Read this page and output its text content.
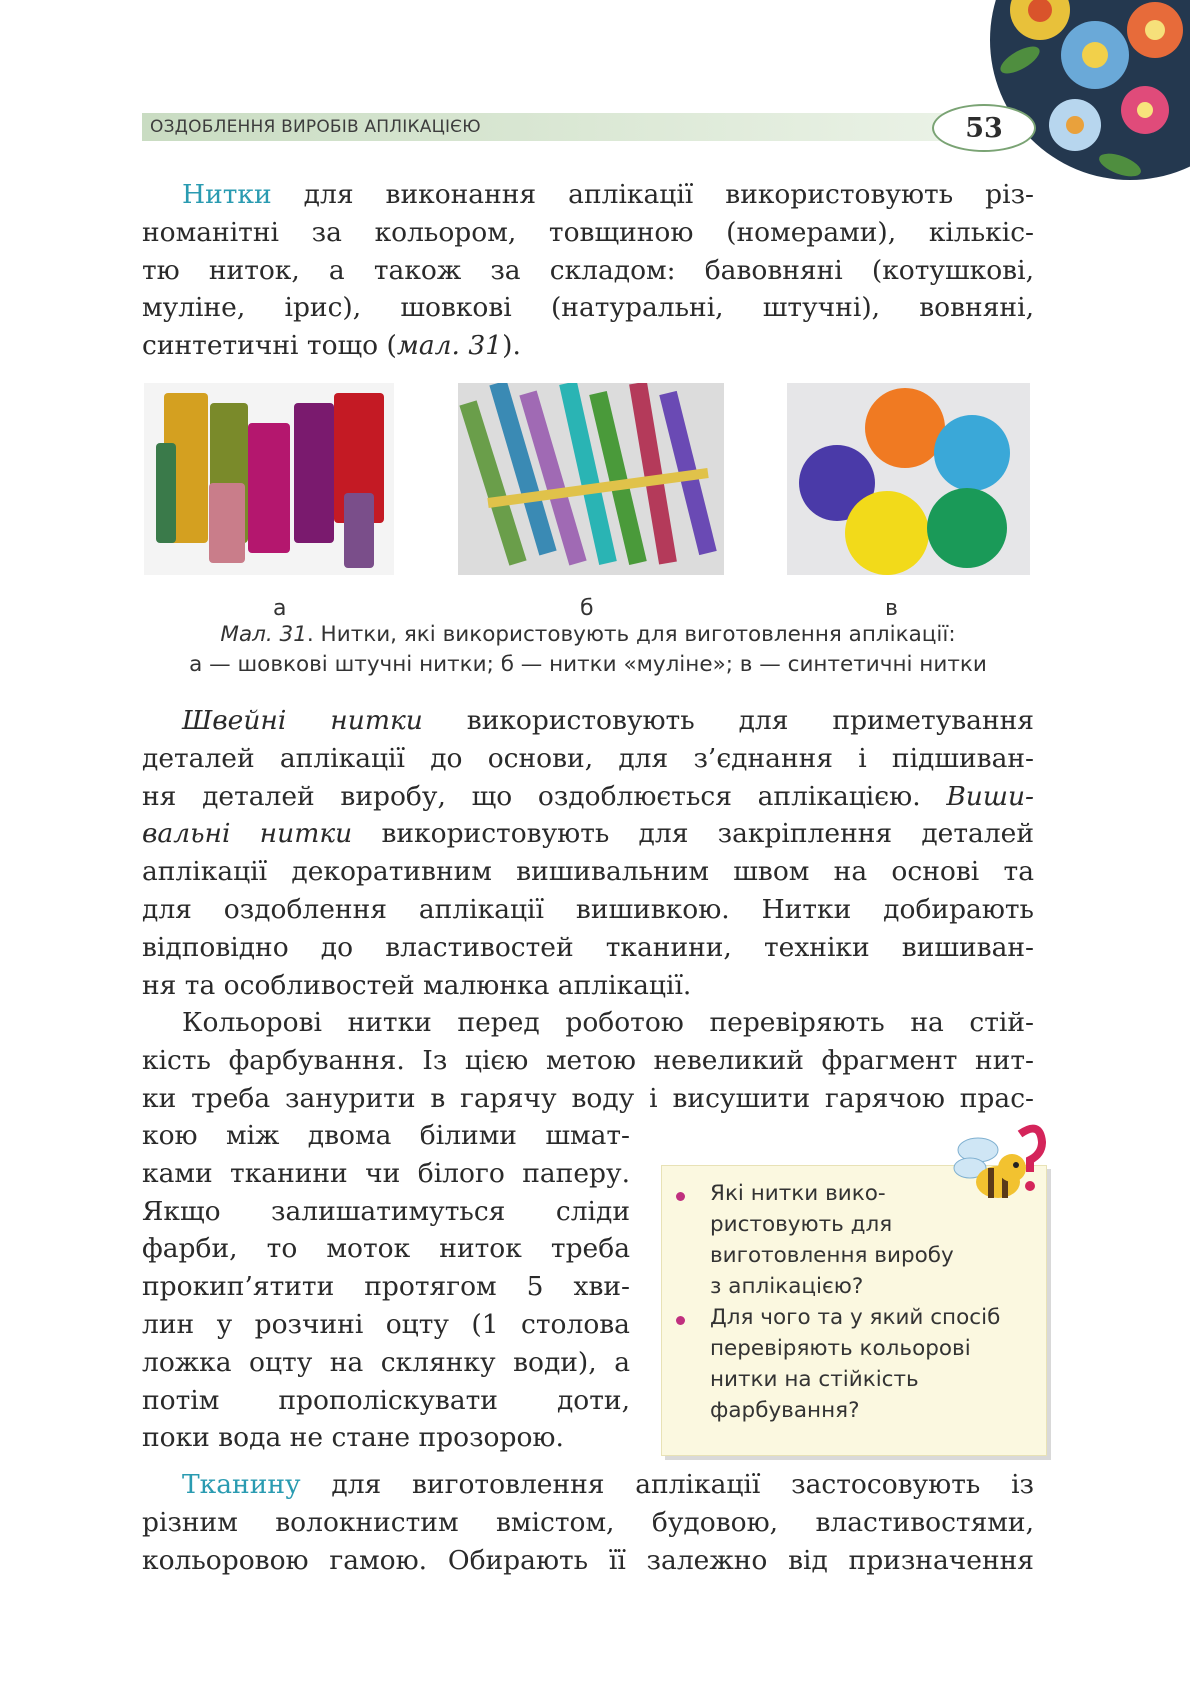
ОЗДОБЛЕННЯ ВИРОБІВ АПЛІКАЦІЄЮ	53
Нитки для виконання аплікації використовують різ-
номанітні за кольором, товщиною (номерами), кількіс-
тю ниток, а також за складом: бавовняні (котушкові,
муліне, ірис), шовкові (натуральні, штучні), вовняні,
синтетичні тощо (мал. 31).
а	б	в
Мал. 31. Нитки, які використовують для виготовлення аплікації:
а — шовкові штучні нитки; б — нитки «муліне»; в — синтетичні нитки
Швейні нитки використовують для приметування
деталей аплікації до основи, для з’єднання і підшиван-
ня деталей виробу, що оздоблюється аплікацією. Виши-
вальні нитки використовують для закріплення деталей
аплікації декоративним вишивальним швом на основі та
для оздоблення аплікації вишивкою. Нитки добирають
відповідно до властивостей тканини, техніки вишиван-
ня та особливостей малюнка аплікації.
Кольорові нитки перед роботою перевіряють на стій-
кість фарбування. Із цією метою невеликий фрагмент нит-
ки треба занурити в гарячу воду і висушити гарячою прас-
кою між двома білими шмат-
ками тканини чи білого паперу.
Якщо залишатимуться сліди
фарби, то моток ниток треба
прокип’ятити протягом 5 хви-
лин у розчині оцту (1 столова
ложка оцту на склянку води), а
потім прополіскувати доти,
поки вода не стане прозорою.
Які нитки вико-
ристовують для
виготовлення виробу
з аплікацією?
Для чого та у який спосіб
перевіряють кольорові
нитки на стійкість
фарбування?
Тканину для виготовлення аплікації застосовують із
різним волокнистим вмістом, будовою, властивостями,
кольоровою гамою. Обирають її залежно від призначення
